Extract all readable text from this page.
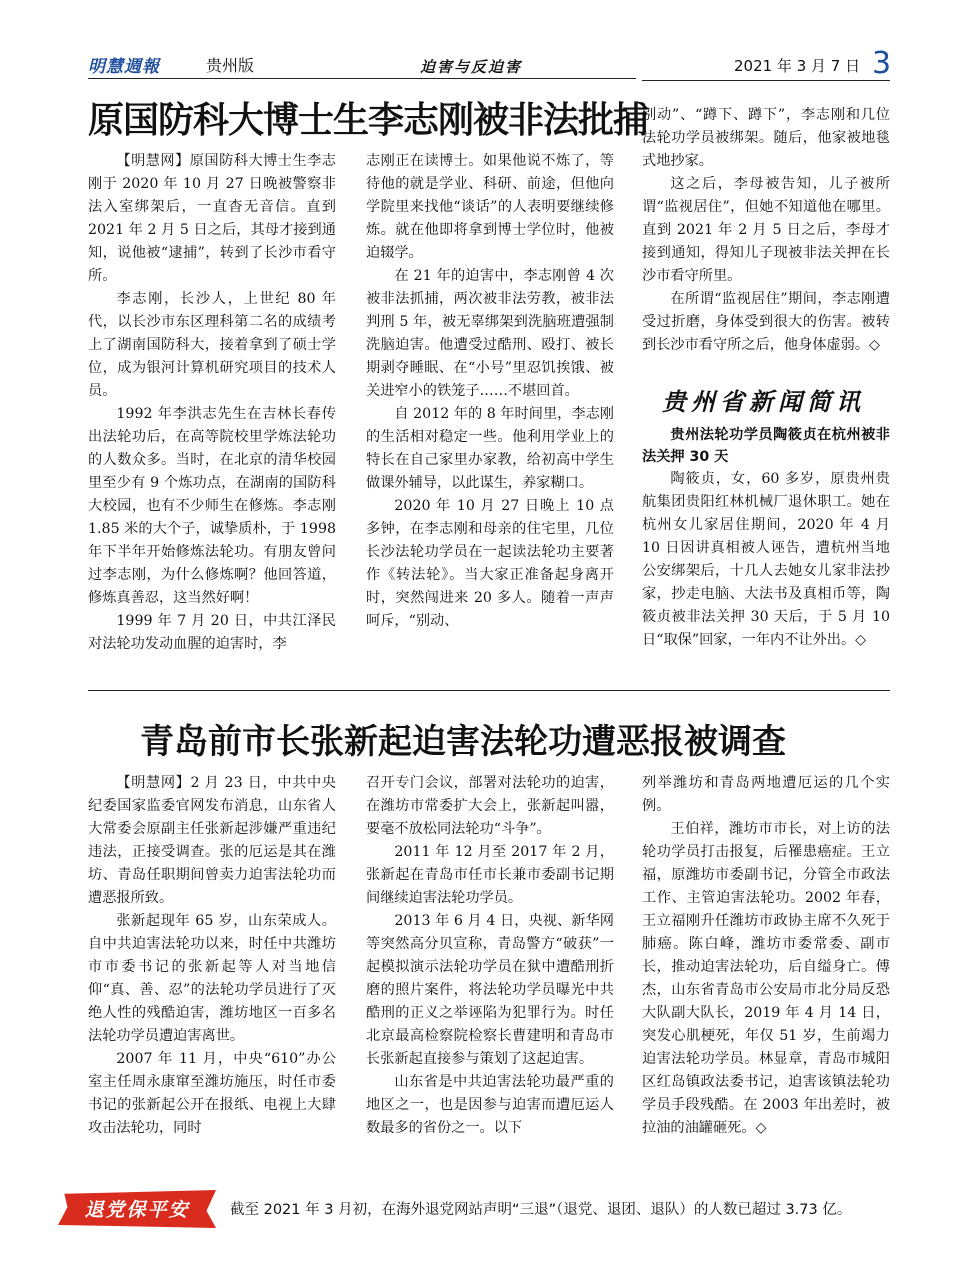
明慧週報	贵州版	迫害与反迫害	2021 年 3 月 7 日 3
原国防科大博士生李志刚被非法批捕

【明慧网】原国防科大博士生李志刚于 2020 年 10 月 27 日晚被警察非法入室绑架后，一直杳无音信。直到 2021 年 2 月 5 日之后，其母才接到通知，说他被“逮捕”，转到了长沙市看守所。

李志刚，长沙人，上世纪 80 年代，以长沙市东区理科第二名的成绩考上了湖南国防科大，接着拿到了硕士学位，成为银河计算机研究项目的技术人员。

1992 年李洪志先生在吉林长春传出法轮功后，在高等院校里学炼法轮功的人数众多。当时，在北京的清华校园里至少有 9 个炼功点，在湖南的国防科大校园，也有不少师生在修炼。李志刚 1.85 米的大个子，诚挚质朴，于 1998 年下半年开始修炼法轮功。有朋友曾问过李志刚，为什么修炼啊？他回答道，修炼真善忍，这当然好啊！

1999 年 7 月 20 日，中共江泽民对法轮功发动血腥的迫害时，李

志刚正在读博士。如果他说不炼了，等待他的就是学业、科研、前途，但他向学院里来找他“谈话”的人表明要继续修炼。就在他即将拿到博士学位时，他被迫辍学。

在 21 年的迫害中，李志刚曾 4 次被非法抓捕，两次被非法劳教，被非法判刑 5 年，被无辜绑架到洗脑班遭强制洗脑迫害。他遭受过酷刑、殴打、被长期剥夺睡眠、在“小号”里忍饥挨饿、被关进窄小的铁笼子……不堪回首。

自 2012 年的 8 年时间里，李志刚的生活相对稳定一些。他利用学业上的特长在自己家里办家教，给初高中学生做课外辅导，以此谋生，养家糊口。

2020 年 10 月 27 日晚上 10 点多钟，在李志刚和母亲的住宅里，几位长沙法轮功学员在一起读法轮功主要著作《转法轮》。当大家正准备起身离开时，突然闯进来 20 多人。随着一声声呵斥，“别动、

别动”、“蹲下、蹲下”，李志刚和几位法轮功学员被绑架。随后，他家被地毯式地抄家。

这之后，李母被告知，儿子被所谓“监视居住”，但她不知道他在哪里。直到 2021 年 2 月 5 日之后，李母才接到通知，得知儿子现被非法关押在长沙市看守所里。

在所谓“监视居住”期间，李志刚遭受过折磨，身体受到很大的伤害。被转到长沙市看守所之后，他身体虚弱。◇

贵州省新闻简讯

贵州法轮功学员陶筱贞在杭州被非法关押 30 天

陶筱贞，女，60 多岁，原贵州贵航集团贵阳红林机械厂退休职工。她在杭州女儿家居住期间，2020 年 4 月 10 日因讲真相被人诬告，遭杭州当地公安绑架后，十几人去她女儿家非法抄家，抄走电脑、大法书及真相币等，陶筱贞被非法关押 30 天后，于 5 月 10 日“取保”回家，一年内不让外出。◇

青岛前市长张新起迫害法轮功遭恶报被调查

【明慧网】2 月 23 日，中共中央纪委国家监委官网发布消息，山东省人大常委会原副主任张新起涉嫌严重违纪违法，正接受调查。张的厄运是其在潍坊、青岛任职期间曾卖力迫害法轮功而遭恶报所致。

张新起现年 65 岁，山东荣成人。自中共迫害法轮功以来，时任中共潍坊市市委书记的张新起等人对当地信仰“真、善、忍”的法轮功学员进行了灭绝人性的残酷迫害，潍坊地区一百多名法轮功学员遭迫害离世。

2007 年 11 月，中央“610”办公室主任周永康窜至潍坊施压，时任市委书记的张新起公开在报纸、电视上大肆攻击法轮功，同时

召开专门会议，部署对法轮功的迫害，在潍坊市常委扩大会上，张新起叫嚣，要毫不放松同法轮功“斗争”。

2011 年 12 月至 2017 年 2 月，张新起在青岛市任市长兼市委副书记期间继续迫害法轮功学员。

2013 年 6 月 4 日，央视、新华网等突然高分贝宣称，青岛警方“破获”一起模拟演示法轮功学员在狱中遭酷刑折磨的照片案件，将法轮功学员曝光中共酷刑的正义之举诬陷为犯罪行为。时任北京最高检察院检察长曹建明和青岛市长张新起直接参与策划了这起迫害。

山东省是中共迫害法轮功最严重的地区之一，也是因参与迫害而遭厄运人数最多的省份之一。以下

列举潍坊和青岛两地遭厄运的几个实例。

王伯祥，潍坊市市长，对上访的法轮功学员打击报复，后罹患癌症。王立福，原潍坊市委副书记，分管全市政法工作、主管迫害法轮功。2002 年春，王立福刚升任潍坊市政协主席不久死于肺癌。陈白峰，潍坊市委常委、副市长，推动迫害法轮功，后自缢身亡。傅杰，山东省青岛市公安局市北分局反恐大队副大队长，2019 年 4 月 14 日，突发心肌梗死，年仅 51 岁，生前竭力迫害法轮功学员。林显章，青岛市城阳区红岛镇政法委书记，迫害该镇法轮功学员手段残酷。在 2003 年出差时，被拉油的油罐砸死。◇

退党保平安	截至 2021 年 3 月初，在海外退党网站声明“三退”（退党、退团、退队）的人数已超过 3.73 亿。
